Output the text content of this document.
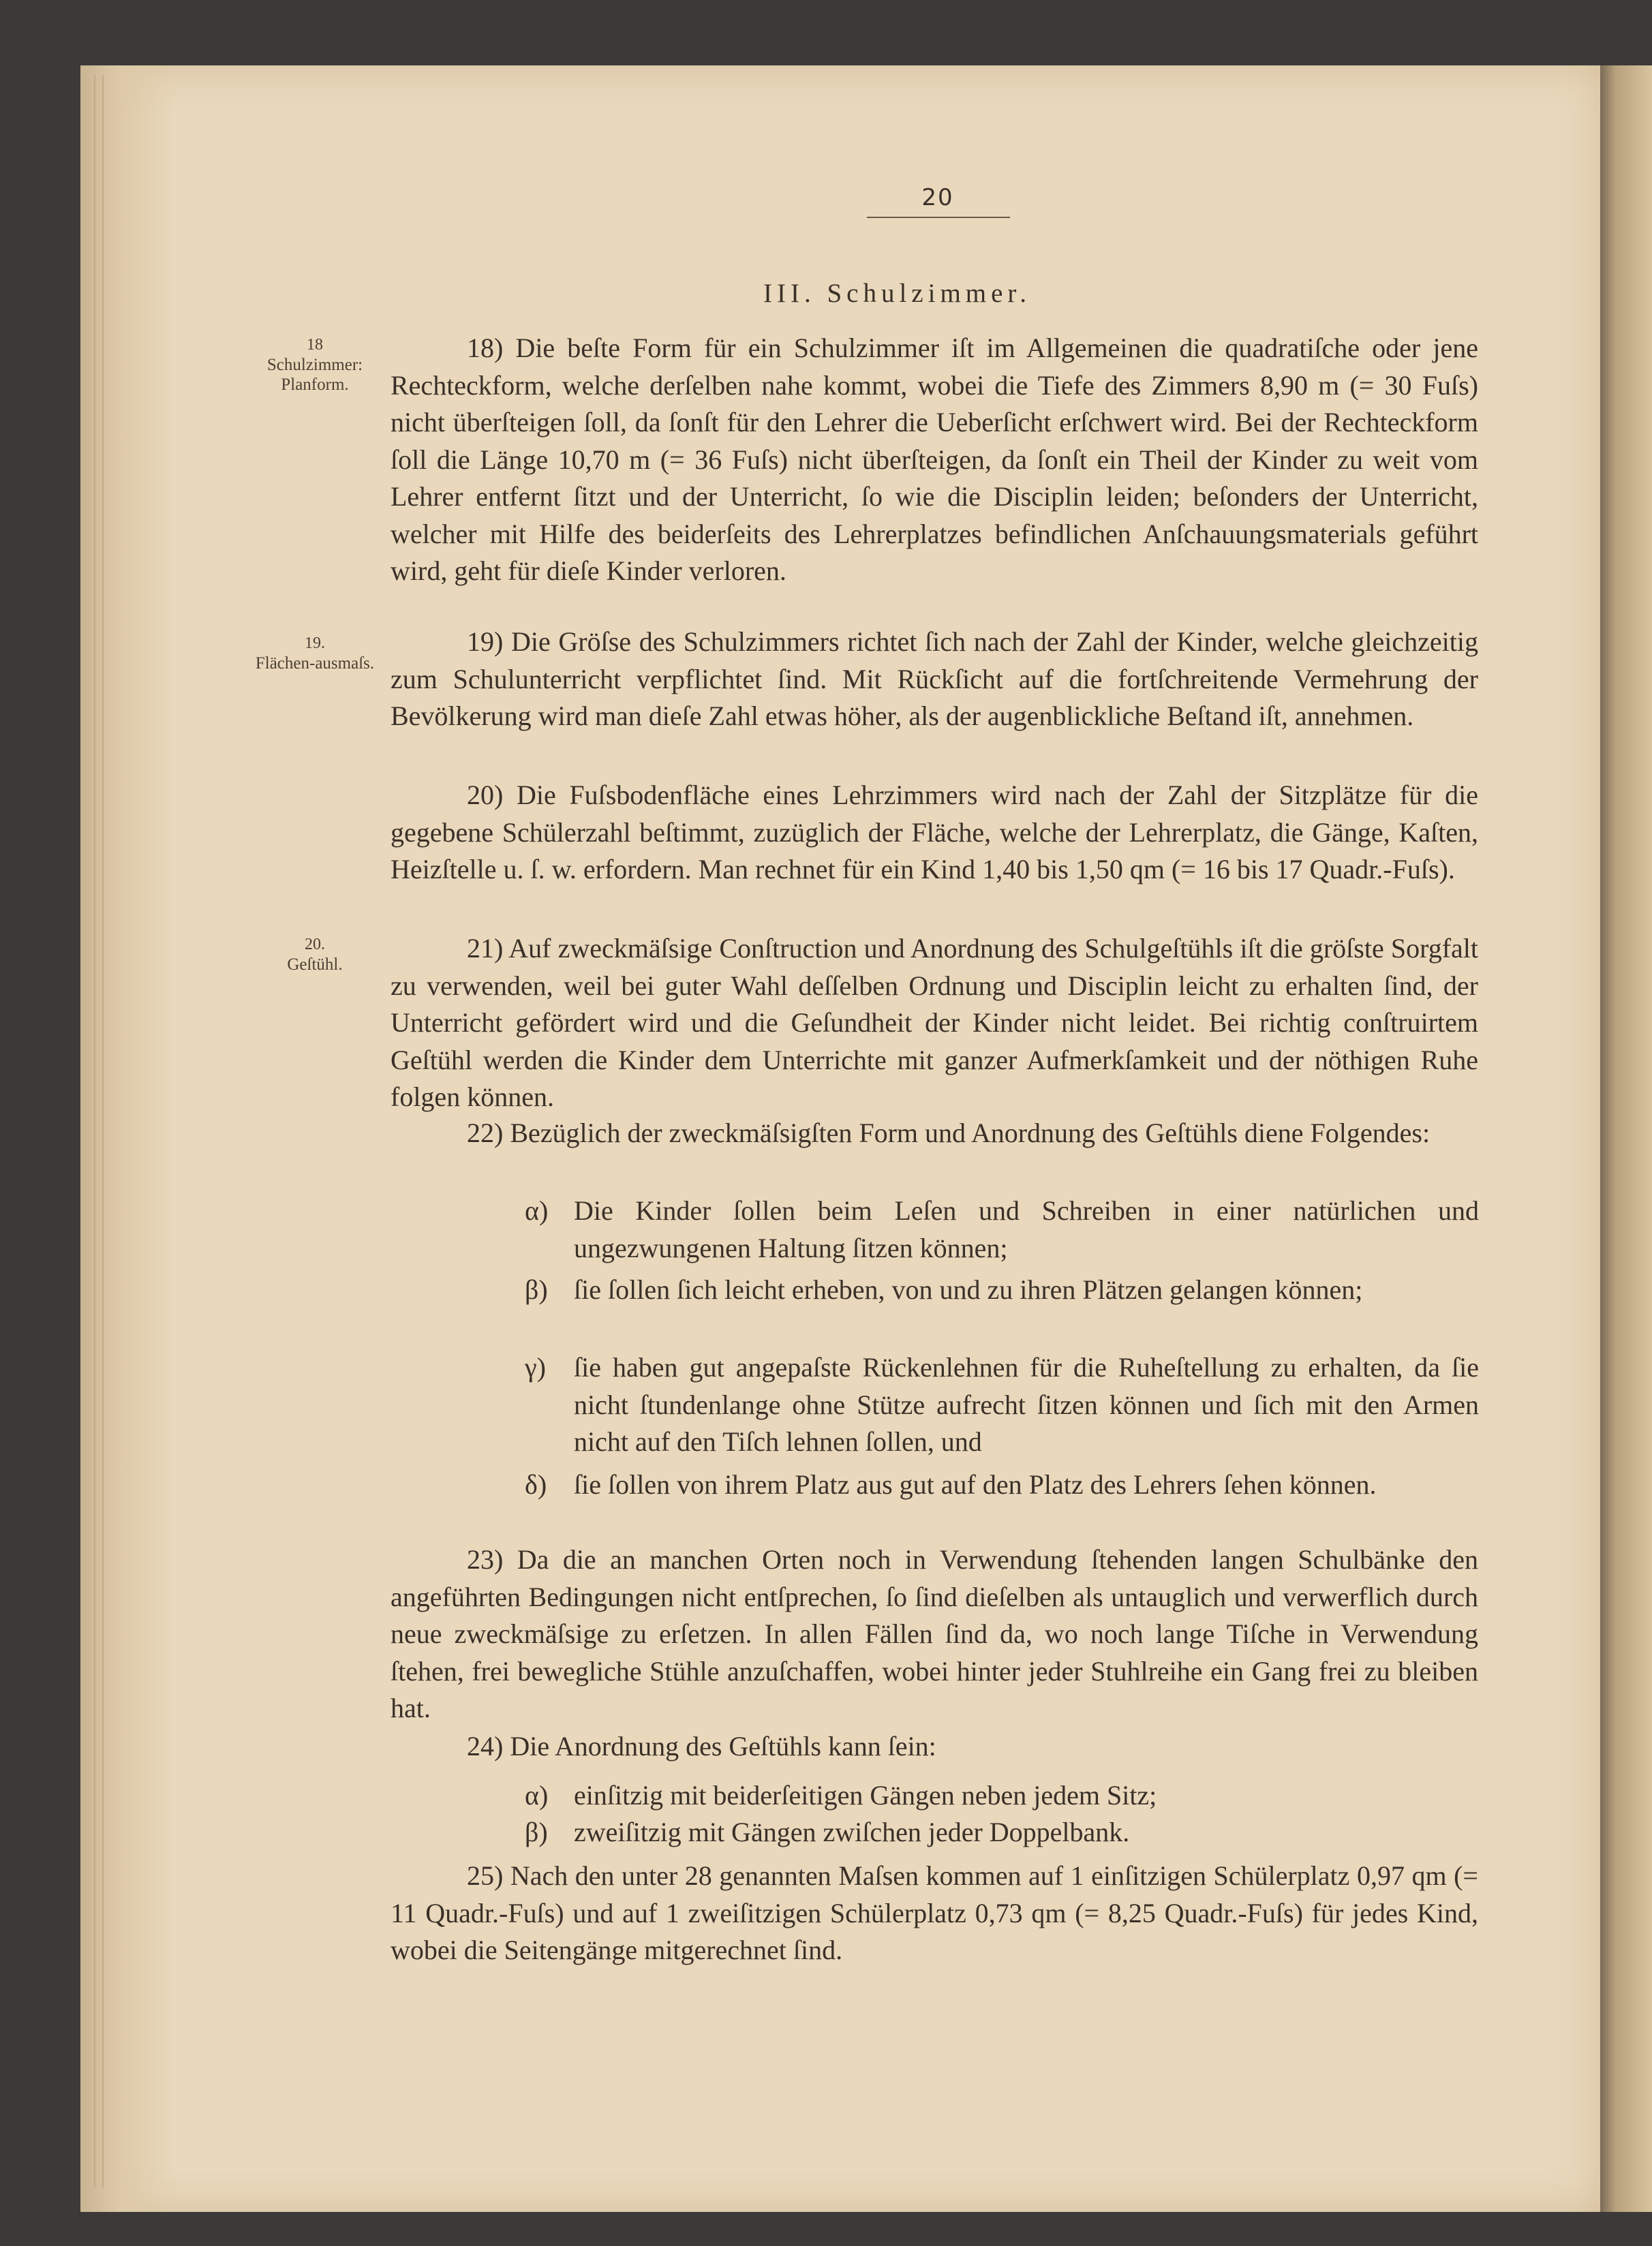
20
III. Schulzimmer.
18
Schulzimmer: Planform.
19.
Flächen-ausmaſs.
20.
Geſtühl.
18) Die beſte Form für ein Schulzimmer iſt im Allgemeinen die quadratiſche oder jene Rechteckform, welche derſelben nahe kommt, wobei die Tiefe des Zimmers 8,90 m (= 30 Fuſs) nicht überſteigen ſoll, da ſonſt für den Lehrer die Ueberſicht erſchwert wird. Bei der Rechteckform ſoll die Länge 10,70 m (= 36 Fuſs) nicht überſteigen, da ſonſt ein Theil der Kinder zu weit vom Lehrer entfernt ſitzt und der Unterricht, ſo wie die Disciplin leiden; beſonders der Unterricht, welcher mit Hilfe des beiderſeits des Lehrerplatzes befindlichen Anſchauungsmaterials geführt wird, geht für dieſe Kinder verloren.
19) Die Gröſse des Schulzimmers richtet ſich nach der Zahl der Kinder, welche gleichzeitig zum Schulunterricht verpflichtet ſind. Mit Rückſicht auf die fortſchreitende Vermehrung der Bevölkerung wird man dieſe Zahl etwas höher, als der augenblickliche Beſtand iſt, annehmen.
20) Die Fuſsbodenfläche eines Lehrzimmers wird nach der Zahl der Sitzplätze für die gegebene Schülerzahl beſtimmt, zuzüglich der Fläche, welche der Lehrerplatz, die Gänge, Kaſten, Heizſtelle u. ſ. w. erfordern. Man rechnet für ein Kind 1,40 bis 1,50 qm (= 16 bis 17 Quadr.-Fuſs).
21) Auf zweckmäſsige Conſtruction und Anordnung des Schulgeſtühls iſt die gröſste Sorgfalt zu verwenden, weil bei guter Wahl deſſelben Ordnung und Disciplin leicht zu erhalten ſind, der Unterricht gefördert wird und die Geſundheit der Kinder nicht leidet. Bei richtig conſtruirtem Geſtühl werden die Kinder dem Unterrichte mit ganzer Aufmerkſamkeit und der nöthigen Ruhe folgen können.
22) Bezüglich der zweckmäſsigſten Form und Anordnung des Geſtühls diene Folgendes:
α) Die Kinder ſollen beim Leſen und Schreiben in einer natürlichen und ungezwungenen Haltung ſitzen können;
β) ſie ſollen ſich leicht erheben, von und zu ihren Plätzen gelangen können;
γ)	ſie haben gut angepaſste Rückenlehnen für die Ruheſtellung zu erhalten, da ſie nicht ſtundenlange ohne Stütze aufrecht ſitzen können und ſich mit den Armen nicht auf den Tiſch lehnen ſollen, und
δ) ſie ſollen von ihrem Platz aus gut auf den Platz des Lehrers ſehen können.
23) Da die an manchen Orten noch in Verwendung ſtehenden langen Schulbänke den angeführten Bedingungen nicht entſprechen, ſo ſind dieſelben als untauglich und verwerflich durch neue zweckmäſsige zu erſetzen. In allen Fällen ſind da, wo noch lange Tiſche in Verwendung ſtehen, frei bewegliche Stühle anzuſchaffen, wobei hinter jeder Stuhlreihe ein Gang frei zu bleiben hat.
24) Die Anordnung des Geſtühls kann ſein:
α) einſitzig mit beiderſeitigen Gängen neben jedem Sitz;
β) zweiſitzig mit Gängen zwiſchen jeder Doppelbank.
25) Nach den unter 28 genannten Maſsen kommen auf 1 einſitzigen Schülerplatz 0,97 qm (= 11 Quadr.-Fuſs) und auf 1 zweiſitzigen Schülerplatz 0,73 qm (= 8,25 Quadr.-Fuſs) für jedes Kind, wobei die Seitengänge mitgerechnet ſind.
